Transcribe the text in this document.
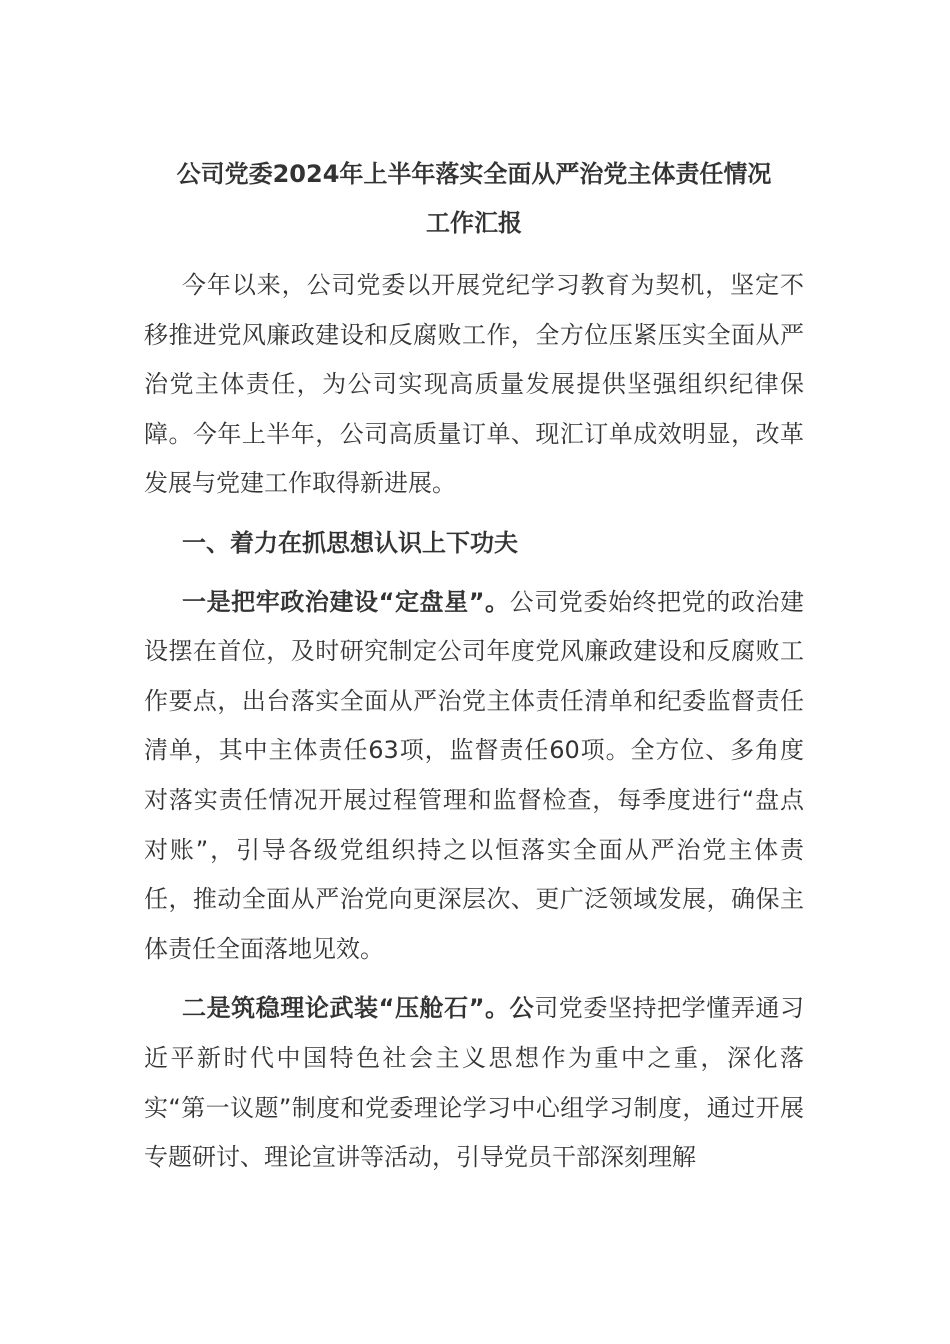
公司党委2024年上半年落实全面从严治党主体责任情况
工作汇报

今年以来，公司党委以开展党纪学习教育为契机，坚定不移推进党风廉政建设和反腐败工作，全方位压紧压实全面从严治党主体责任，为公司实现高质量发展提供坚强组织纪律保障。今年上半年，公司高质量订单、现汇订单成效明显，改革发展与党建工作取得新进展。

一、着力在抓思想认识上下功夫

一是把牢政治建设“定盘星”。公司党委始终把党的政治建设摆在首位，及时研究制定公司年度党风廉政建设和反腐败工作要点，出台落实全面从严治党主体责任清单和纪委监督责任清单，其中主体责任63项，监督责任60项。全方位、多角度对落实责任情况开展过程管理和监督检查，每季度进行“盘点对账”，引导各级党组织持之以恒落实全面从严治党主体责任，推动全面从严治党向更深层次、更广泛领域发展，确保主体责任全面落地见效。

二是筑稳理论武装“压舱石”。公司党委坚持把学懂弄通习近平新时代中国特色社会主义思想作为重中之重，深化落实“第一议题”制度和党委理论学习中心组学习制度，通过开展专题研讨、理论宣讲等活动，引导党员干部深刻理解
